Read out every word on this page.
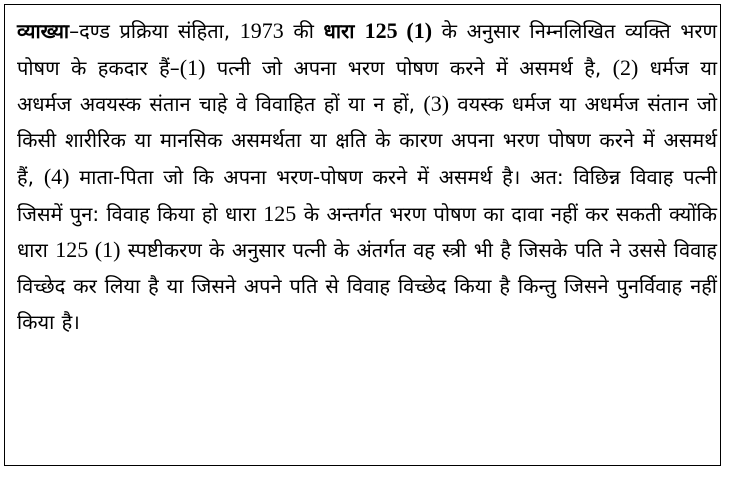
व्याख्या–दण्ड प्रक्रिया संहिता, 1973 की धारा 125 (1) के अनुसार निम्नलिखित व्यक्ति भरण पोषण के हकदार हैं–(1) पत्नी जो अपना भरण पोषण करने में असमर्थ है, (2) धर्मज या अधर्मज अवयस्क संतान चाहे वे विवाहित हों या न हों, (3) वयस्क धर्मज या अधर्मज संतान जो किसी शारीरिक या मानसिक असमर्थता या क्षति के कारण अपना भरण पोषण करने में असमर्थ हैं, (4) माता-पिता जो कि अपना भरण-पोषण करने में असमर्थ है। अत: विछिन्न विवाह पत्नी जिसमें पुन: विवाह किया हो धारा 125 के अन्तर्गत भरण पोषण का दावा नहीं कर सकती क्योंकि धारा 125 (1) स्पष्टीकरण के अनुसार पत्नी के अंतर्गत वह स्त्री भी है जिसके पति ने उससे विवाह विच्छेद कर लिया है या जिसने अपने पति से विवाह विच्छेद किया है किन्तु जिसने पुनर्विवाह नहीं किया है।
